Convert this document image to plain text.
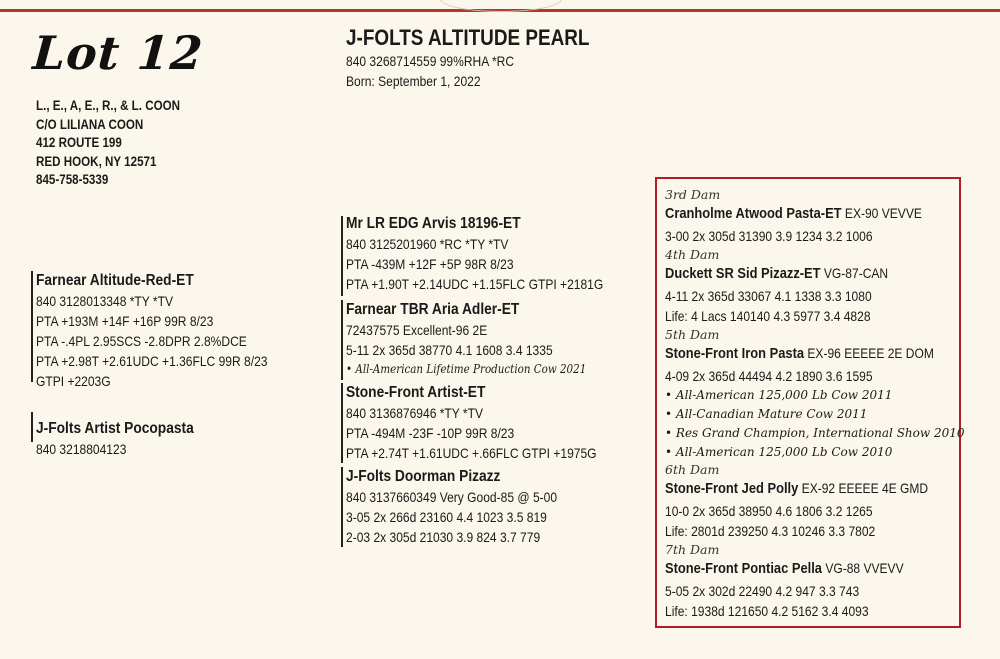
Lot 12
L., E., A, E., R., & L. COON
C/O LILIANA COON
412 ROUTE 199
RED HOOK, NY 12571
845-758-5339
J-FOLTS ALTITUDE PEARL
840 3268714559 99%RHA *RC
Born: September 1, 2022
Farnear Altitude-Red-ET
840 3128013348 *TY *TV
PTA +193M +14F +16P 99R 8/23
PTA -.4PL 2.95SCS -2.8DPR 2.8%DCE
PTA +2.98T +2.61UDC +1.36FLC 99R 8/23
GTPI +2203G
J-Folts Artist Pocopasta
840 3218804123
Mr LR EDG Arvis 18196-ET
840 3125201960 *RC *TY *TV
PTA -439M +12F +5P 98R 8/23
PTA +1.90T +2.14UDC +1.15FLC GTPI +2181G
Farnear TBR Aria Adler-ET
72437575 Excellent-96 2E
5-11 2x 365d 38770 4.1 1608 3.4 1335
• All-American Lifetime Production Cow 2021
Stone-Front Artist-ET
840 3136876946 *TY *TV
PTA -494M -23F -10P 99R 8/23
PTA +2.74T +1.61UDC +.66FLC GTPI +1975G
J-Folts Doorman Pizazz
840 3137660349 Very Good-85 @ 5-00
3-05 2x 266d 23160 4.4 1023 3.5 819
2-03 2x 305d 21030 3.9 824 3.7 779
3rd Dam
Cranholme Atwood Pasta-ET EX-90 VEVVE
3-00 2x 305d 31390 3.9 1234 3.2 1006
4th Dam
Duckett SR Sid Pizazz-ET VG-87-CAN
4-11 2x 365d 33067 4.1 1338 3.3 1080
Life: 4 Lacs 140140 4.3 5977 3.4 4828
5th Dam
Stone-Front Iron Pasta EX-96 EEEEE 2E DOM
4-09 2x 365d 44494 4.2 1890 3.6 1595
• All-American 125,000 Lb Cow 2011
• All-Canadian Mature Cow 2011
• Res Grand Champion, International Show 2010
• All-American 125,000 Lb Cow 2010
6th Dam
Stone-Front Jed Polly EX-92 EEEEE 4E GMD
10-0 2x 365d 38950 4.6 1806 3.2 1265
Life: 2801d 239250 4.3 10246 3.3 7802
7th Dam
Stone-Front Pontiac Pella VG-88 VVEVV
5-05 2x 302d 22490 4.2 947 3.3 743
Life: 1938d 121650 4.2 5162 3.4 4093
